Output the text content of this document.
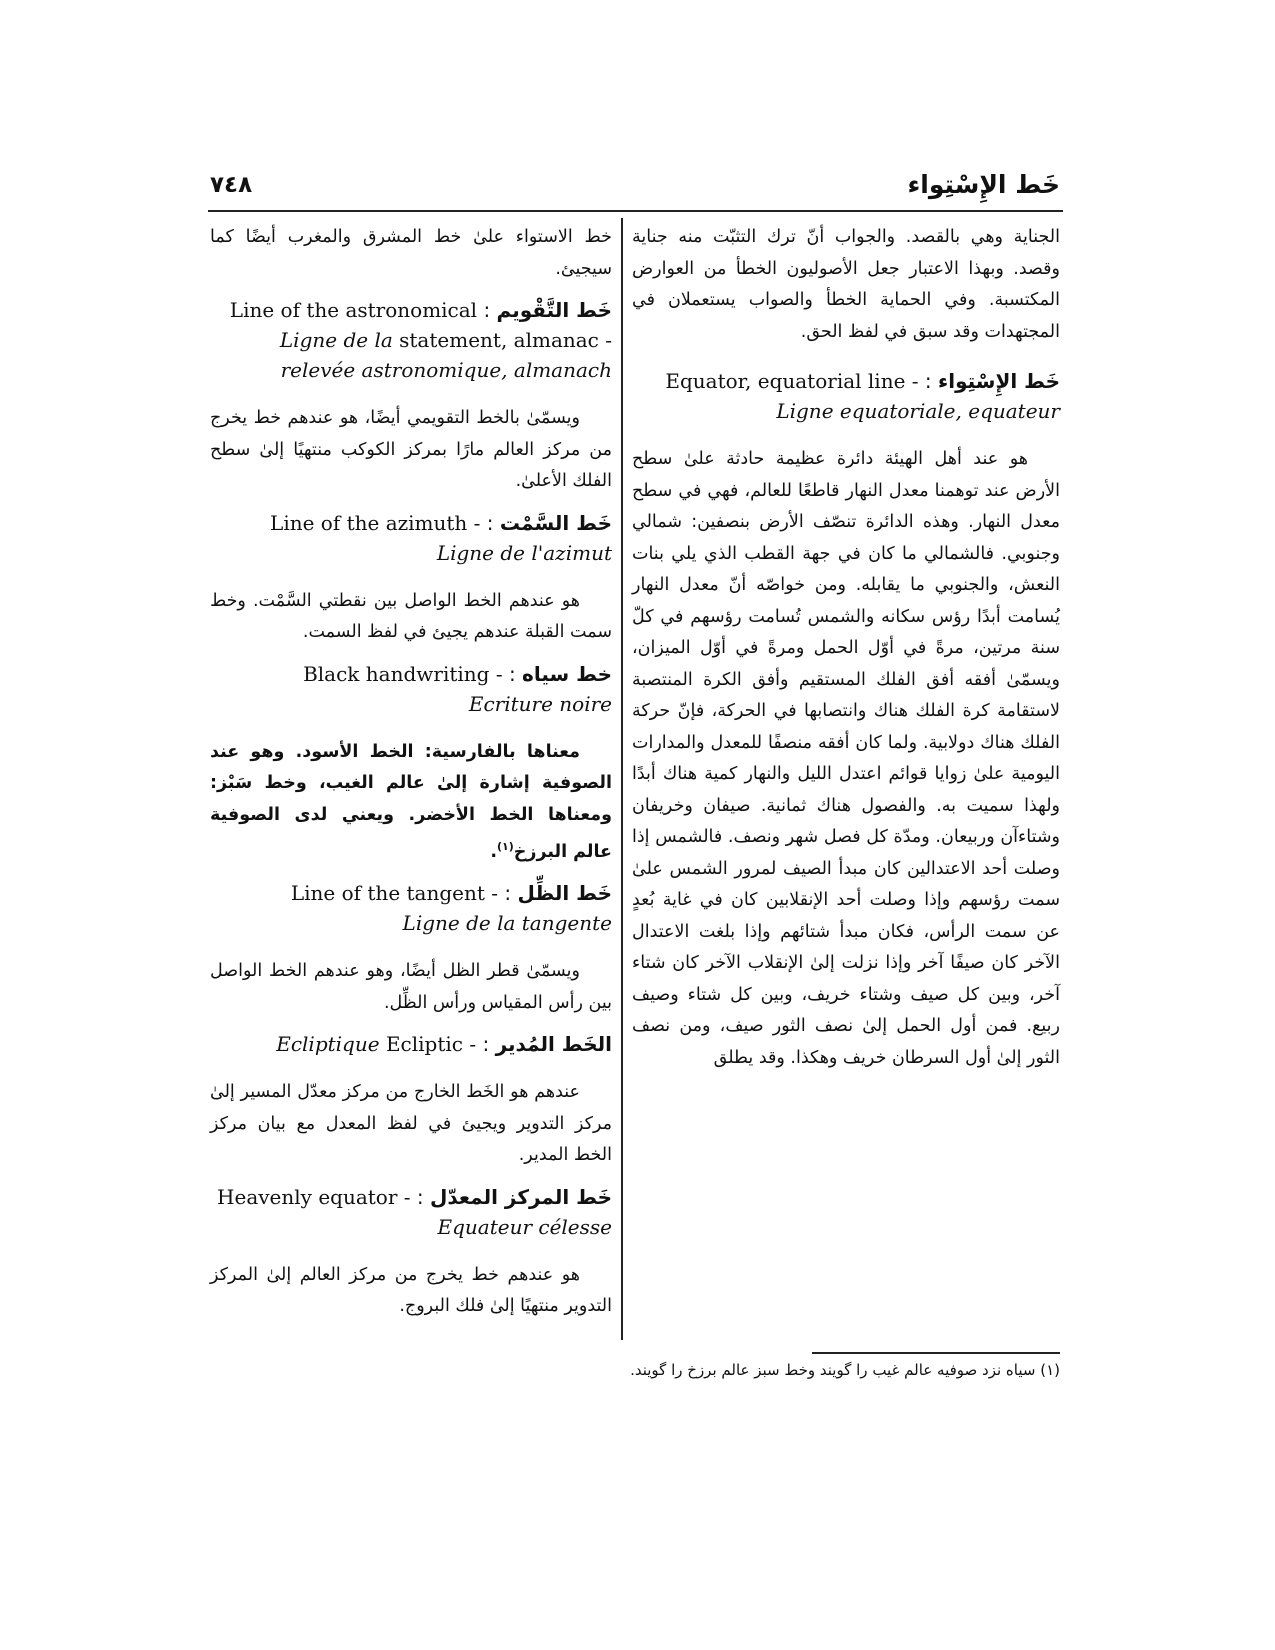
خَط الإِسْتِواء
٧٤٨

الجناية وهي بالقصد. والجواب أنّ ترك التثبّت منه جناية وقصد. وبهذا الاعتبار جعل الأصوليون الخطأ من العوارض المكتسبة. وفي الحماية الخطأ والصواب يستعملان في المجتهدات وقد سبق في لفظ الحق.

خَط الإِسْتِواء : Equator, equatorial line -
Ligne equatoriale, equateur

هو عند أهل الهيئة دائرة عظيمة حادثة علىٰ سطح الأرض عند توهمنا معدل النهار قاطعًا للعالم، فهي في سطح معدل النهار. وهذه الدائرة تنصّف الأرض بنصفين: شمالي وجنوبي. فالشمالي ما كان في جهة القطب الذي يلي بنات النعش، والجنوبي ما يقابله. ومن خواصّه أنّ معدل النهار يُسامت أبدًا رؤس سكانه والشمس تُسامت رؤسهم في كلّ سنة مرتين، مرةً في أوّل الحمل ومرةً في أوّل الميزان، ويسمّىٰ أفقه أفق الفلك المستقيم وأفق الكرة المنتصبة لاستقامة كرة الفلك هناك وانتصابها في الحركة، فإنّ حركة الفلك هناك دولابية. ولما كان أفقه منصفًا للمعدل والمدارات اليومية علىٰ زوايا قوائم اعتدل الليل والنهار كمية هناك أبدًا ولهذا سميت به. والفصول هناك ثمانية. صيفان وخريفان وشتاءآن وربيعان. ومدّة كل فصل شهر ونصف. فالشمس إذا وصلت أحد الاعتدالين كان مبدأ الصيف لمرور الشمس علىٰ سمت رؤسهم وإذا وصلت أحد الإنقلابين كان في غاية بُعدٍ عن سمت الرأس، فكان مبدأ شتائهم وإذا بلغت الاعتدال الآخر كان صيفًا آخر وإذا نزلت إلىٰ الإنقلاب الآخر كان شتاء آخر، وبين كل صيف وشتاء خريف، وبين كل شتاء وصيف ربيع. فمن أول الحمل إلىٰ نصف الثور صيف، ومن نصف الثور إلىٰ أول السرطان خريف وهكذا. وقد يطلق

خط الاستواء علىٰ خط المشرق والمغرب أيضًا كما سيجيئ.

خَط التَّقْويم : Line of the astronomical
statement, almanac - Ligne de la relevée astronomique, almanach

ويسمّىٰ بالخط التقويمي أيضًا، هو عندهم خط يخرج من مركز العالم مارًا بمركز الكوكب منتهيًا إلىٰ سطح الفلك الأعلىٰ.

خَط السَّمْت : Line of the azimuth -
Ligne de l'azimut

هو عندهم الخط الواصل بين نقطتي السَّمْت. وخط سمت القبلة عندهم يجيئ في لفظ السمت.

خط سياه : Black handwriting -
Ecriture noire

معناها بالفارسية: الخط الأسود. وهو عند الصوفية إشارة إلىٰ عالم الغيب، وخط سَبْز: ومعناها الخط الأخضر. ويعني لدى الصوفية عالم البرزخ$^{(١)}$.

خَط الظِّل : Line of the tangent -
Ligne de la tangente

ويسمّىٰ قطر الظل أيضًا، وهو عندهم الخط الواصل بين رأس المقياس ورأس الظِّل.

الخَط المُدير : Ecliptic - Ecliptique

عندهم هو الخَط الخارج من مركز معدّل المسير إلىٰ مركز التدوير ويجيئ في لفظ المعدل مع بيان مركز الخط المدير.

خَط المركز المعدّل : Heavenly equator -
Equateur célesse

هو عندهم خط يخرج من مركز العالم إلىٰ المركز التدوير منتهيًا إلىٰ فلك البروج.

(١) سياه نزد صوفيه عالم غيب را گويند وخط سبز عالم برزخ را گويند.
